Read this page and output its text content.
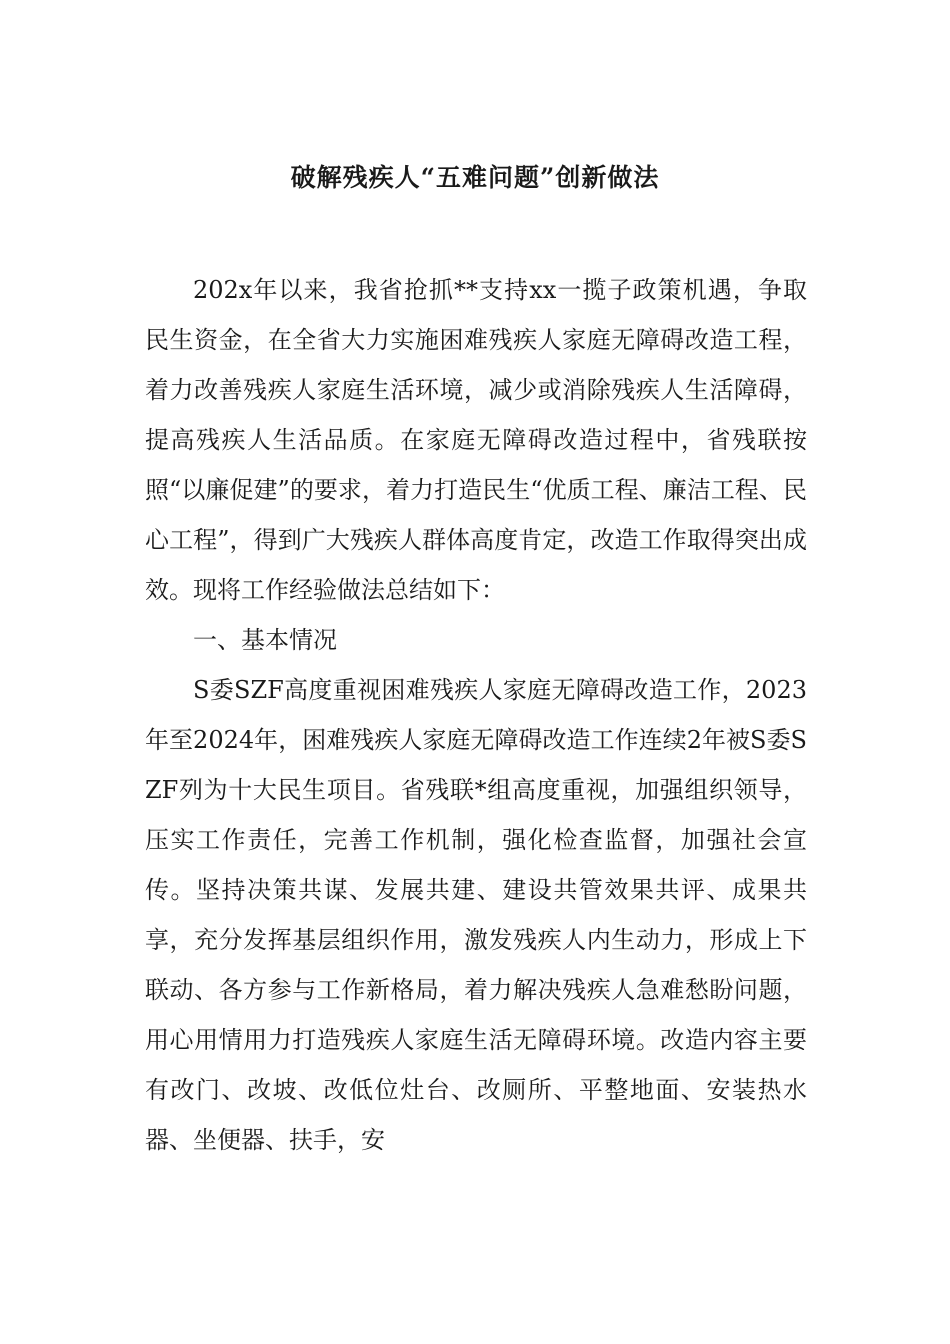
破解残疾人“五难问题”创新做法

202x年以来，我省抢抓**支持xx一揽子政策机遇，争取民生资金，在全省大力实施困难残疾人家庭无障碍改造工程，着力改善残疾人家庭生活环境，减少或消除残疾人生活障碍，提高残疾人生活品质。在家庭无障碍改造过程中，省残联按照“以廉促建”的要求，着力打造民生“优质工程、廉洁工程、民心工程”，得到广大残疾人群体高度肯定，改造工作取得突出成效。现将工作经验做法总结如下：

一、基本情况

S委SZF高度重视困难残疾人家庭无障碍改造工作，2023年至2024年，困难残疾人家庭无障碍改造工作连续2年被S委SZF列为十大民生项目。省残联*组高度重视，加强组织领导，压实工作责任，完善工作机制，强化检查监督，加强社会宣传。坚持决策共谋、发展共建、建设共管效果共评、成果共享，充分发挥基层组织作用，激发残疾人内生动力，形成上下联动、各方参与工作新格局，着力解决残疾人急难愁盼问题，用心用情用力打造残疾人家庭生活无障碍环境。改造内容主要有改门、改坡、改低位灶台、改厕所、平整地面、安装热水器、坐便器、扶手，安
